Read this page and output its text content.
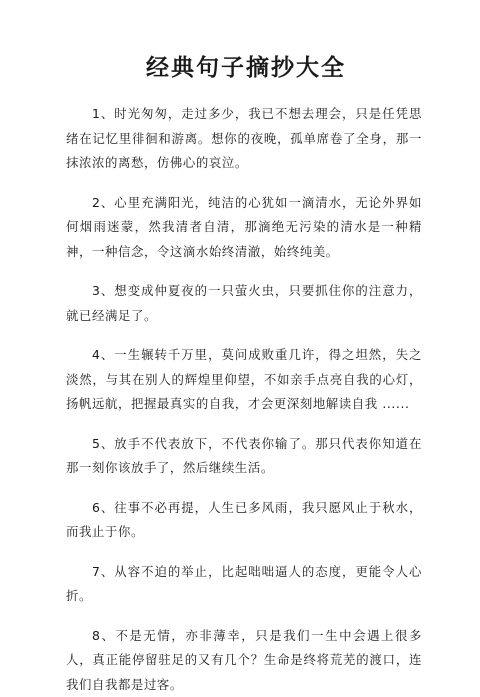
经典句子摘抄大全

1、时光匆匆，走过多少，我已不想去理会，只是任凭思绪在记忆里徘徊和游离。想你的夜晚，孤单席卷了全身，那一抹浓浓的离愁，仿佛心的哀泣。

2、心里充满阳光，纯洁的心犹如一滴清水，无论外界如何烟雨迷蒙，然我清者自清，那滴绝无污染的清水是一种精神，一种信念，令这滴水始终清澈，始终纯美。

3、想变成仲夏夜的一只萤火虫，只要抓住你的注意力，就已经满足了。

4、一生辗转千万里，莫问成败重几许，得之坦然，失之淡然，与其在别人的辉煌里仰望，不如亲手点亮自我的心灯，扬帆远航，把握最真实的自我，才会更深刻地解读自我 ......

5、放手不代表放下，不代表你输了。那只代表你知道在那一刻你该放手了，然后继续生活。

6、往事不必再提，人生已多风雨，我只愿风止于秋水，而我止于你。

7、从容不迫的举止，比起咄咄逼人的态度，更能令人心折。

8、不是无情，亦非薄幸，只是我们一生中会遇上很多人，真正能停留驻足的又有几个？生命是终将荒芜的渡口，连我们自我都是过客。
